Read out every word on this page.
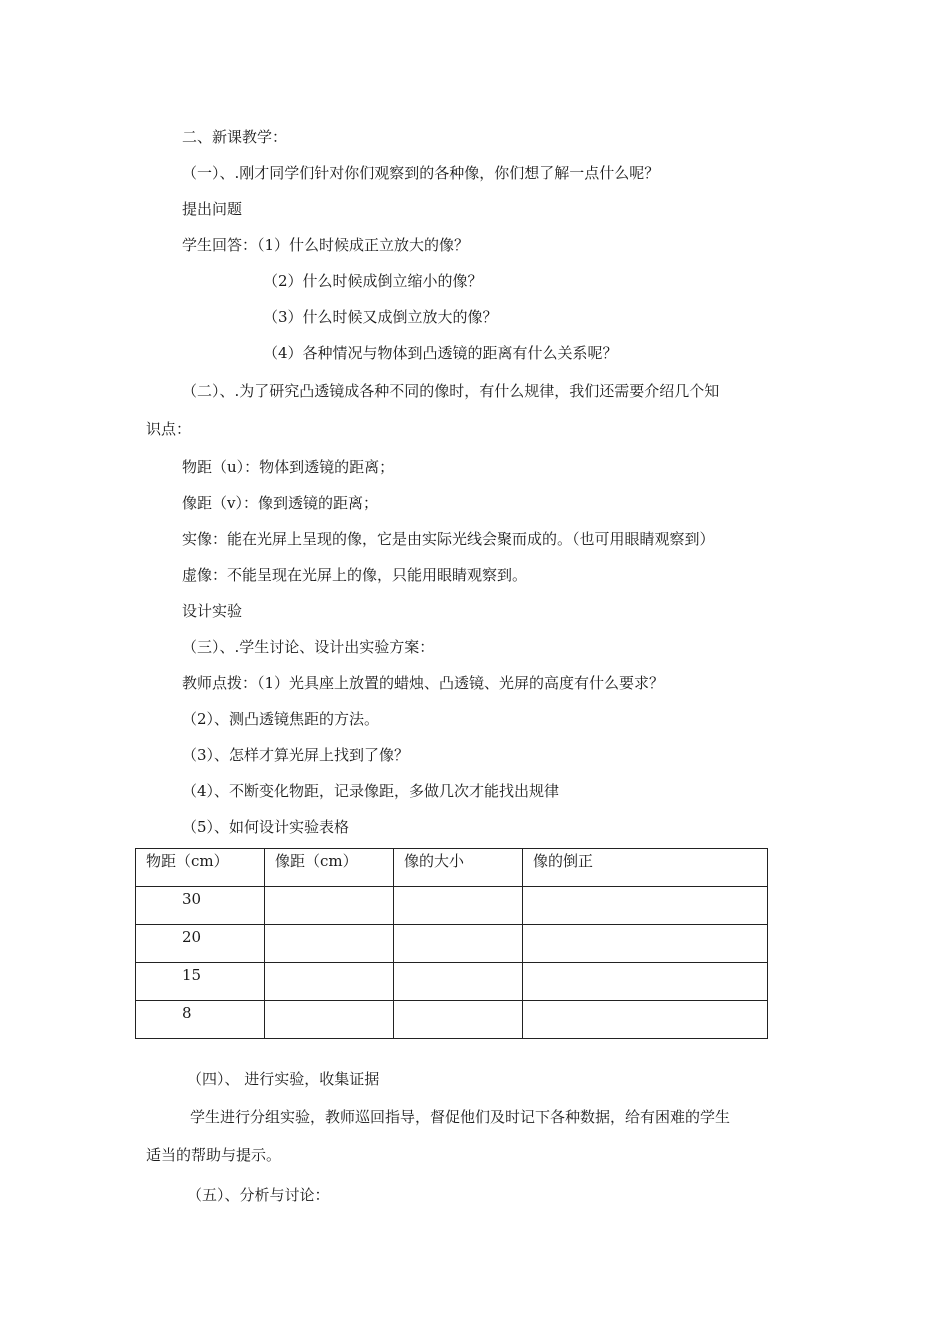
二、新课教学：
（一）、.刚才同学们针对你们观察到的各种像，你们想了解一点什么呢？
提出问题
学生回答：（1）什么时候成正立放大的像？
（2）什么时候成倒立缩小的像？
（3）什么时候又成倒立放大的像？
（4）各种情况与物体到凸透镜的距离有什么关系呢？
（二）、.为了研究凸透镜成各种不同的像时，有什么规律，我们还需要介绍几个知
识点：
物距（u）：物体到透镜的距离；
像距（v）：像到透镜的距离；
实像：能在光屏上呈现的像，它是由实际光线会聚而成的。（也可用眼睛观察到）
虚像：不能呈现在光屏上的像，只能用眼睛观察到。
设计实验
（三）、.学生讨论、设计出实验方案：
教师点拨：（1）光具座上放置的蜡烛、凸透镜、光屏的高度有什么要求？
（2）、测凸透镜焦距的方法。
（3）、怎样才算光屏上找到了像？
（4）、不断变化物距，记录像距，多做几次才能找出规律
（5）、如何设计实验表格
物距（cm）	像距（cm）	像的大小	像的倒正
30			
20			
15			
8			
（四）、 进行实验，收集证据
学生进行分组实验，教师巡回指导，督促他们及时记下各种数据，给有困难的学生
适当的帮助与提示。
（五）、分析与讨论：
